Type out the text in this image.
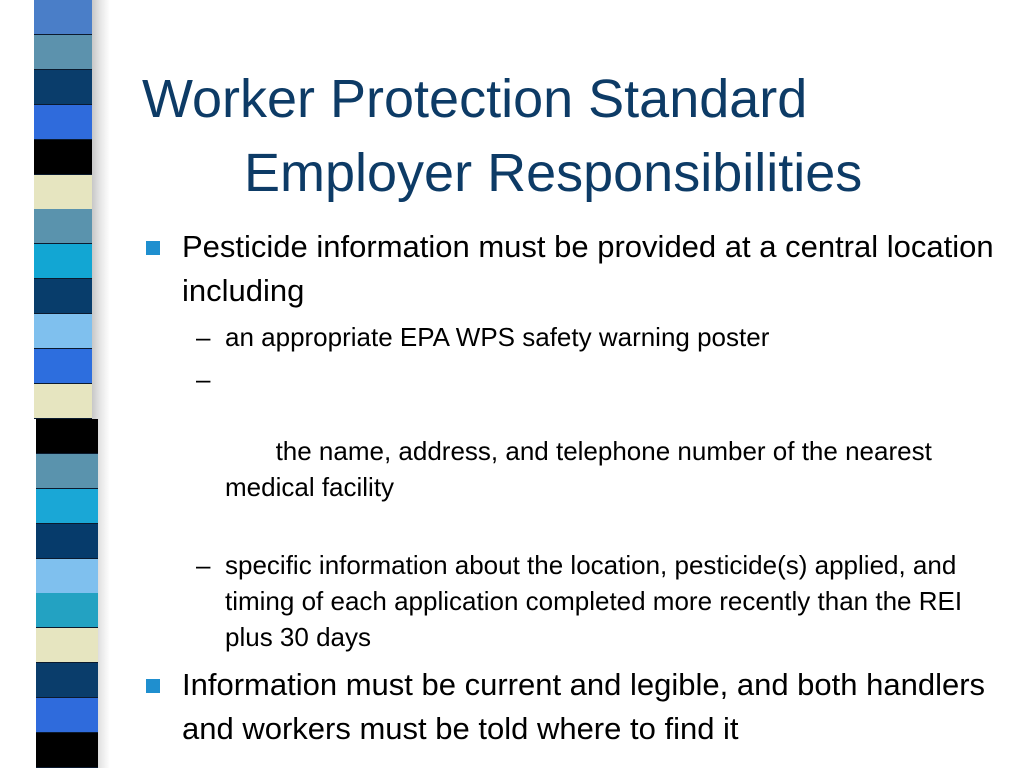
Worker Protection Standard
Employer Responsibilities
Pesticide information must be provided at a central location including
– an appropriate EPA WPS safety warning poster

–

the name, address, and telephone number of the nearest medical facility

– specific information about the location, pesticide(s) applied, and timing of each application completed more recently than the REI plus 30 days
Information must be current and legible, and both handlers and workers must be told where to find it
